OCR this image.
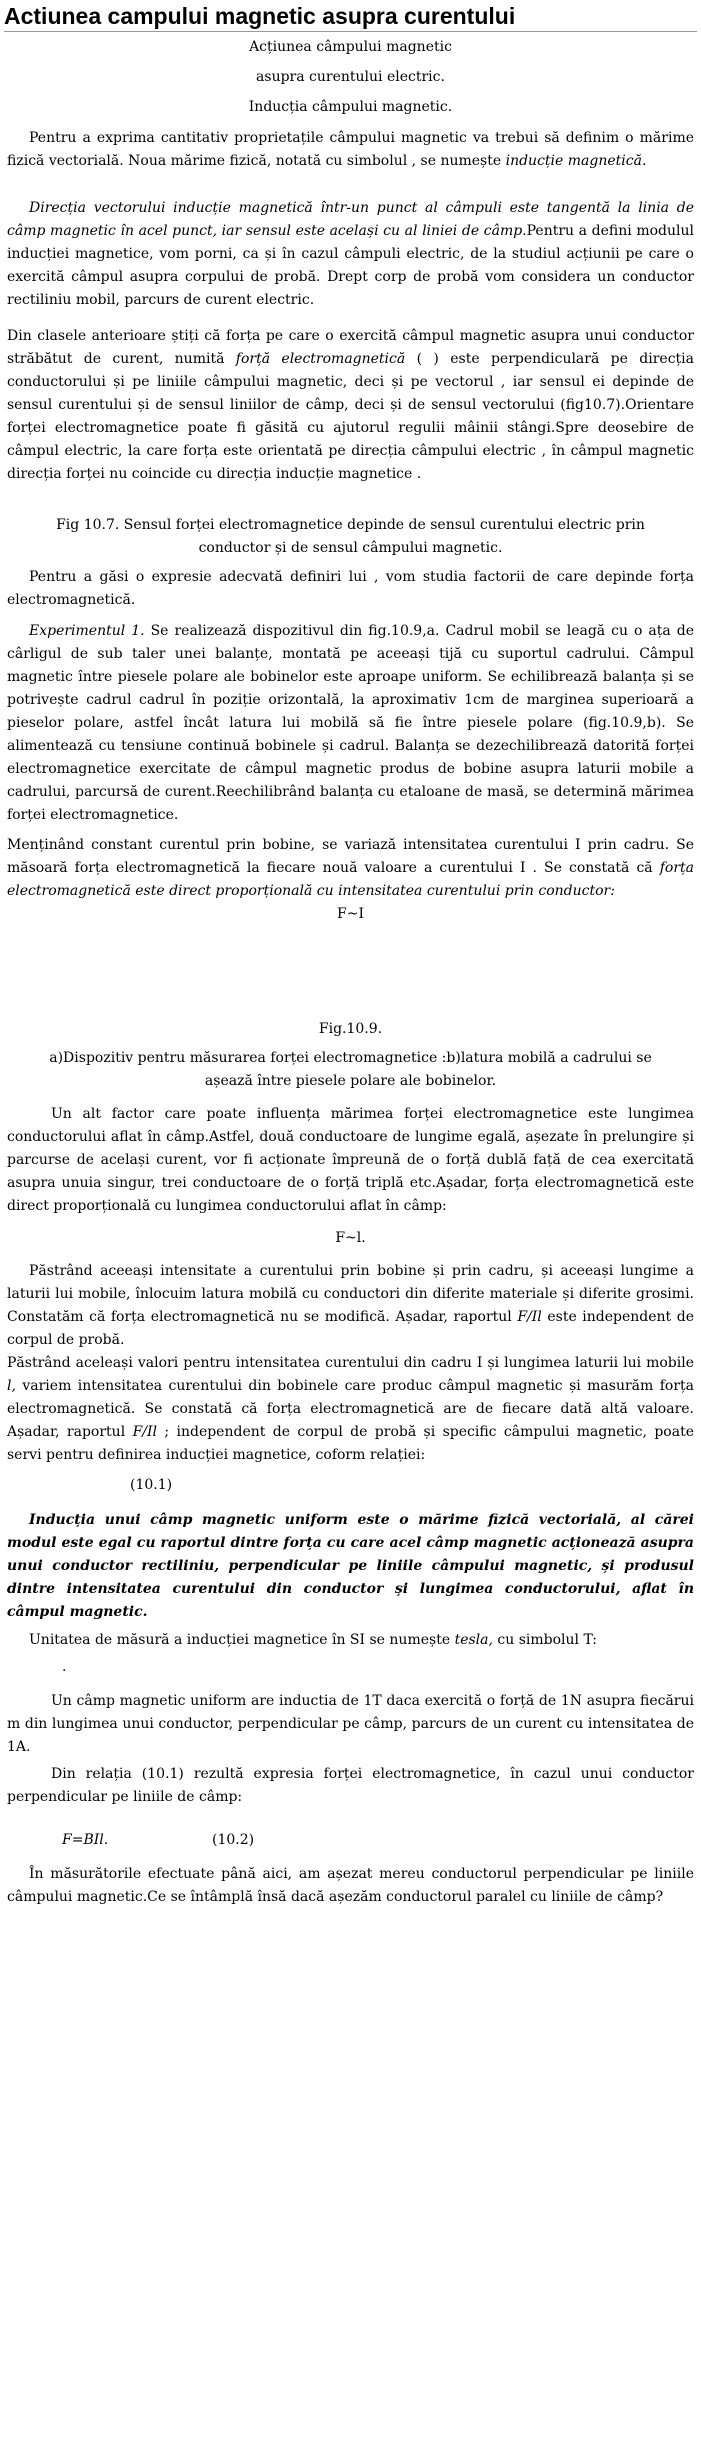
Actiunea campului magnetic asupra curentului

Acțiunea câmpului magnetic

asupra curentului electric.

Inducția câmpului magnetic.

Pentru a exprima cantitativ proprietațile câmpului magnetic va trebui să definim o mărime fizică vectorială. Noua mărime fizică, notată cu simbolul , se numește inducție magnetică.

Direcția vectorului inducție magnetică într-un punct al câmpuli este tangentă la linia de câmp magnetic în acel punct, iar sensul este același cu al liniei de câmp.Pentru a defini modulul inducției magnetice, vom porni, ca și în cazul câmpuli electric, de la studiul acțiunii pe care o exercită câmpul asupra corpului de probă. Drept corp de probă vom considera un conductor rectiliniu mobil, parcurs de curent electric.

Din clasele anterioare știți că forța pe care o exercită câmpul magnetic asupra unui conductor străbătut de curent, numită forță electromagnetică ( ) este perpendiculară pe direcția conductorului și pe liniile câmpului magnetic, deci și pe vectorul , iar sensul ei depinde de sensul curentului și de sensul liniilor de câmp, deci și de sensul vectorului (fig10.7).Orientare forței electromagnetice poate fi găsită cu ajutorul regulii mâinii stângi.Spre deosebire de câmpul electric, la care forța este orientată pe direcția câmpului electric , în câmpul magnetic direcția forței nu coincide cu direcția inducție magnetice .

Fig 10.7. Sensul forței electromagnetice depinde de sensul curentului electric prin

conductor și de sensul câmpului magnetic.

Pentru a găsi o expresie adecvată definiri lui , vom studia factorii de care depinde forța electromagnetică.

Experimentul 1. Se realizează dispozitivul din fig.10.9,a. Cadrul mobil se leagă cu o ața de cârligul de sub taler unei balanțe, montată pe aceeași tijă cu suportul cadrului. Câmpul magnetic între piesele polare ale bobinelor este aproape uniform. Se echilibrează balanța și se potrivește cadrul cadrul în poziție orizontală, la aproximativ 1cm de marginea superioară a pieselor polare, astfel încât latura lui mobilă să fie între piesele polare (fig.10.9,b). Se alimentează cu tensiune continuă bobinele și cadrul. Balanța se dezechilibrează datorită forței electromagnetice exercitate de câmpul magnetic produs de bobine asupra laturii mobile a cadrului, parcursă de curent.Reechilibrând balanța cu etaloane de masă, se determină mărimea forței electromagnetice.

Menținând constant curentul prin bobine, se variază intensitatea curentului I prin cadru. Se măsoară forța electromagnetică la fiecare nouă valoare a curentului I . Se constată că forța electromagnetică este direct proporțională cu intensitatea curentului prin conductor:

F~I

Fig.10.9.

a)Dispozitiv pentru măsurarea forței electromagnetice :b)latura mobilă a cadrului se

așează între piesele polare ale bobinelor.

Un alt factor care poate influența mărimea forței electromagnetice este lungimea conductorului aflat în câmp.Astfel, două conductoare de lungime egală, așezate în prelungire și parcurse de același curent, vor fi acționate împreună de o forță dublă față de cea exercitată asupra unuia singur, trei conductoare de o forță triplă etc.Așadar, forța electromagnetică este direct proporțională cu lungimea conductorului aflat în câmp:

F~l.

Păstrând aceeași intensitate a curentului prin bobine și prin cadru, și aceeași lungime a laturii lui mobile, înlocuim latura mobilă cu conductori din diferite materiale și diferite grosimi. Constatăm că forța electromagnetică nu se modifică. Așadar, raportul F/Il este independent de corpul de probă.

Păstrând aceleași valori pentru intensitatea curentului din cadru I și lungimea laturii lui mobile l, variem intensitatea curentului din bobinele care produc câmpul magnetic și masurăm forța electromagnetică. Se constată că forța electromagnetică are de fiecare dată altă valoare. Așadar, raportul F/Il ; independent de corpul de probă și specific câmpului magnetic, poate servi pentru definirea inducției magnetice, coform relației:

(10.1)

Inducția unui câmp magnetic uniform este o mărime fizică vectorială, al cărei modul este egal cu raportul dintre forța cu care acel câmp magnetic acționează asupra unui conductor rectiliniu, perpendicular pe liniile câmpului magnetic, și produsul dintre intensitatea curentului din conductor și lungimea conductorului, aflat în câmpul magnetic.

Unitatea de măsură a inducției magnetice în SI se numește tesla, cu simbolul T:

.

Un câmp magnetic uniform are inductia de 1T daca exercită o forță de 1N asupra fiecărui m din lungimea unui conductor, perpendicular pe câmp, parcurs de un curent cu intensitatea de 1A.

Din relația (10.1) rezultă expresia forței electromagnetice, în cazul unui conductor perpendicular pe liniile de câmp:

F=BIl.	(10.2)

În măsurătorile efectuate până aici, am așezat mereu conductorul perpendicular pe liniile câmpului magnetic.Ce se întâmplă însă dacă așezăm conductorul paralel cu liniile de câmp?
